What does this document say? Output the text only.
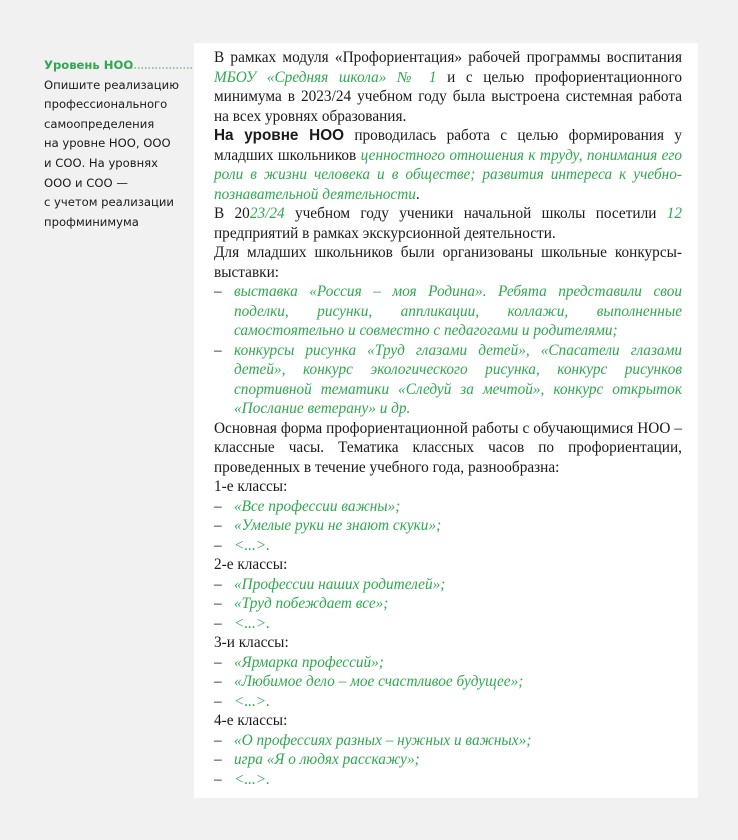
Уровень НОО
Опишите реализацию
профессионального
самоопределения
на уровне НОО, ООО
и СОО. На уровнях
ООО и СОО —
с учетом реализации
профминимума

В рамках модуля «Профориентация» рабочей программы воспитания МБОУ «Средняя школа» № 1 и с целью профориентационного минимума в 2023/24 учебном году была выстроена системная работа на всех уровнях образования.

На уровне НОО проводилась работа с целью формирования у младших школьников ценностного отношения к труду, понимания его роли в жизни человека и в обществе; развития интереса к учебно-познавательной деятельности.

В 2023/24 учебном году ученики начальной школы посетили 12 предприятий в рамках экскурсионной деятельности.

Для младших школьников были организованы школьные конкурсы-выставки:

– выставка «Россия – моя Родина». Ребята представили свои поделки, рисунки, аппликации, коллажи, выполненные самостоятельно и совместно с педагогами и родителями;
– конкурсы рисунка «Труд глазами детей», «Спасатели глазами детей», конкурс экологического рисунка, конкурс рисунков спортивной тематики «Следуй за мечтой», конкурс открыток «Послание ветерану» и др.

Основная форма профориентационной работы с обучающимися НОО – классные часы. Тематика классных часов по профориентации, проведенных в течение учебного года, разнообразна:

1-е классы:

– «Все профессии важны»;
– «Умелые руки не знают скуки»;
– <...>.

2-е классы:

– «Профессии наших родителей»;
– «Труд побеждает все»;
– <...>.

3-и классы:

– «Ярмарка профессий»;
– «Любимое дело – мое счастливое будущее»;
– <...>.

4-е классы:

– «О профессиях разных – нужных и важных»;
– игра «Я о людях расскажу»;
– <...>.
